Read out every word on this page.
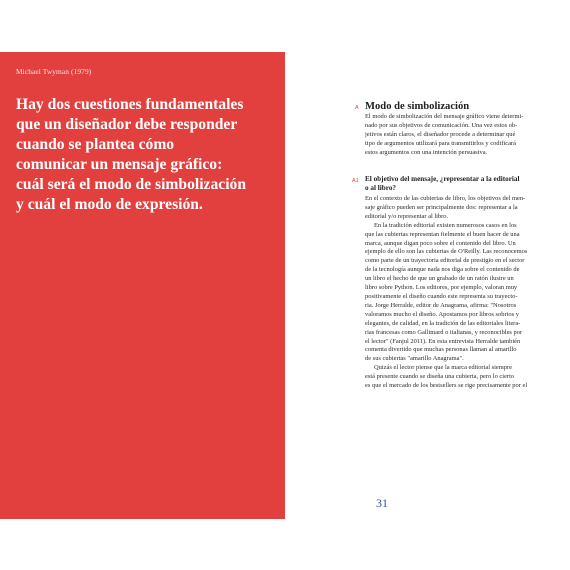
Michael Twyman (1979)
Hay dos cuestiones fundamentales
que un diseñador debe responder
cuando se plantea cómo
comunicar un mensaje gráfico:
cuál será el modo de simbolización
y cuál el modo de expresión.
A Modo de simbolización
El modo de simbolización del mensaje gráfico viene determi-
nado por sus objetivos de comunicación. Una vez estos ob-
jetivos están claros, el diseñador procede a determinar qué
tipo de argumentos utilizará para transmitirlos y codificará
estos argumentos con una intención persuasiva.
A1 El objetivo del mensaje, ¿representar a la editorial
o al libro?
En el contexto de las cubiertas de libro, los objetivos del men-
saje gráfico pueden ser principalmente dos: representar a la
editorial y/o representar al libro.
En la tradición editorial existen numerosos casos en los
que las cubiertas representan fielmente el buen hacer de una
marca, aunque digan poco sobre el contenido del libro. Un
ejemplo de ello son las cubiertas de O'Reilly. Las reconocemos
como parte de un trayectoria editorial de prestigio en el sector
de la tecnología aunque nada nos diga sobre el contenido de
un libro el hecho de que un grabado de un ratón ilustre un
libro sobre Python. Los editores, por ejemplo, valoran muy
positivamente el diseño cuando este representa su trayecto-
ria. Jorge Herralde, editor de Anagrama, afirma: "Nosotros
valoramos mucho el diseño. Apostamos por libros sobrios y
elegantes, de calidad, en la tradición de las editoriales litera-
rias francesas como Gallimard o italianas, y reconocibles por
el lector" (Fanjul 2011). En esta entrevista Herralde también
comenta divertido que muchas personas llaman al amarillo
de sus cubiertas "amarillo Anagrama".
Quizás el lector piense que la marca editorial siempre
está presente cuando se diseña una cubierta, pero lo cierto
es que el mercado de los bestsellers se rige precisamente por el
31
